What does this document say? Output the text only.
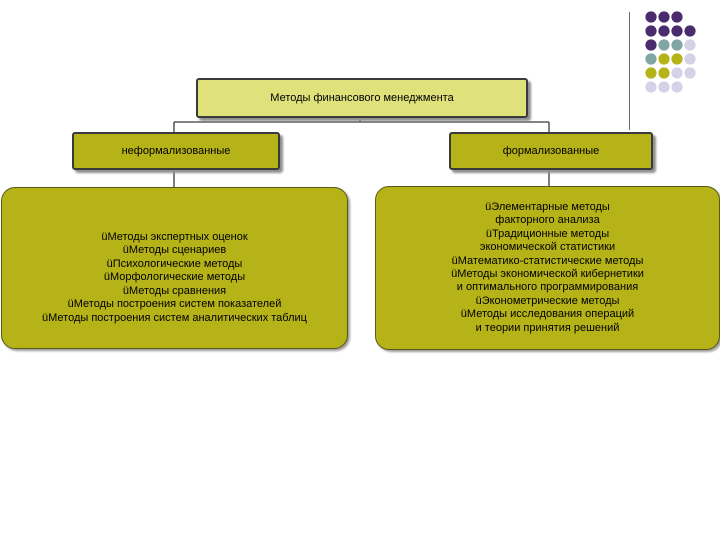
Методы финансового менеджмента
неформализованные	формализованные
üМетоды экспертных оценок
üМетоды сценариев
üПсихологические методы
üМорфологические методы
üМетоды сравнения
üМетоды построения систем показателей
üМетоды построения систем аналитических таблиц
üЭлементарные методы
факторного анализа
üТрадиционные методы
экономической статистики
üМатематико-статистические методы
üМетоды экономической кибернетики
и оптимального программирования
üЭконометрические методы
üМетоды исследования операций
и теории принятия решений
